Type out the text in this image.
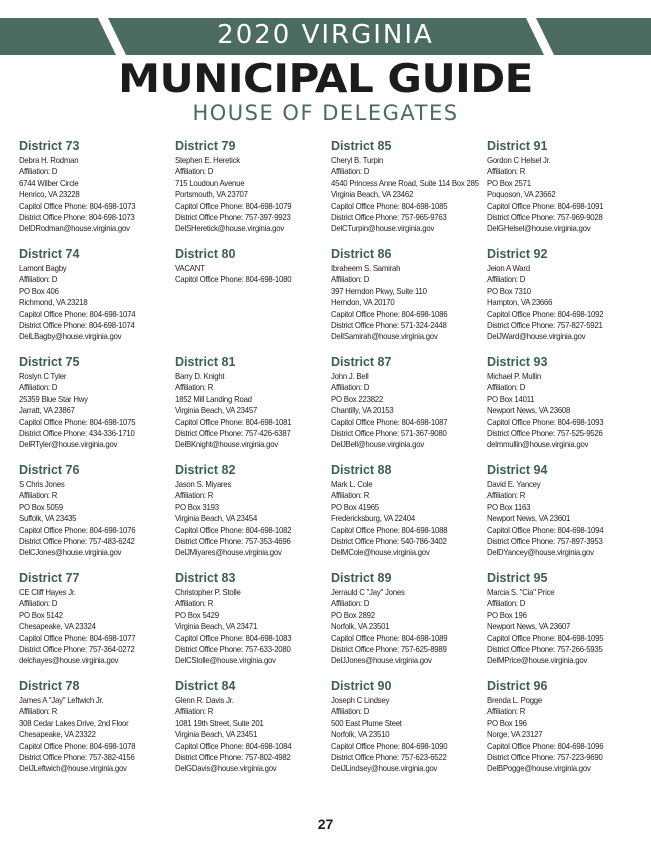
2020 VIRGINIA
MUNICIPAL GUIDE
HOUSE OF DELEGATES
District 73
Debra H. Rodman
Affiliation: D
6744 Wilber Circle
Henrico, VA 23228
Capitol Office Phone: 804-698-1073
District Office Phone: 804-698-1073
DelDRodman@house.virginia.gov
District 79
Stephen E. Heretick
Affiliation: D
715 Loudoun Avenue
Portsmouth, VA 23707
Capitol Office Phone: 804-698-1079
District Office Phone: 757-397-9923
DelSHeretick@house.virginia.gov
District 85
Cheryl B. Turpin
Affiliation: D
4540 Princess Anne Road, Suite 114 Box 285
Virginia Beach, VA 23462
Capitol Office Phone: 804-698-1085
District Office Phone: 757-965-9763
DelCTurpin@house.virginia.gov
District 91
Gordon C Helsel Jr.
Affiliation: R
PO Box 2571
Poquoson, VA 23662
Capitol Office Phone: 804-698-1091
District Office Phone: 757-969-9028
DelGHelsel@house.virginia.gov
District 74
Lamont Bagby
Affiliation: D
PO Box 406
Richmond, VA 23218
Capitol Office Phone: 804-698-1074
District Office Phone: 804-698-1074
DelLBagby@house.virginia.gov
District 80
VACANT
Capitol Office Phone: 804-698-1080
District 86
Ibraheem S. Samirah
Affiliation: D
397 Herndon Pkwy, Suite 110
Herndon, VA 20170
Capitol Office Phone: 804-698-1086
District Office Phone: 571-324-2448
DelISamirah@house.virginia.gov
District 92
Jeion A Ward
Affiliation: D
PO Box 7310
Hampton, VA 23666
Capitol Office Phone: 804-698-1092
District Office Phone: 757-827-5921
DelJWard@house.virginia.gov
District 75
Roslyn C Tyler
Affiliation: D
25359 Blue Star Hwy
Jarratt, VA 23867
Capitol Office Phone: 804-698-1075
District Office Phone: 434-336-1710
DelRTyler@house.virginia.gov
District 81
Barry D. Knight
Affiliation: R
1852 Mill Landing Road
Virginia Beach, VA 23457
Capitol Office Phone: 804-698-1081
District Office Phone: 757-426-6387
DelBKnight@house.virginia.gov
District 87
John J. Bell
Affiliation: D
PO Box 223822
Chantilly, VA 20153
Capitol Office Phone: 804-698-1087
District Office Phone: 571-367-9080
DelJBell@house.virginia.gov
District 93
Michael P. Mullin
Affiliation: D
PO Box 14011
Newport News, VA 23608
Capitol Office Phone: 804-698-1093
District Office Phone: 757-525-9526
delmmullin@house.virginia.gov
District 76
S Chris Jones
Affiliation: R
PO Box 5059
Suffolk, VA 23435
Capitol Office Phone: 804-698-1076
District Office Phone: 757-483-6242
DelCJones@house.virginia.gov
District 82
Jason S. Miyares
Affiliation: R
PO Box 3193
Virginia Beach, VA 23454
Capitol Office Phone: 804-698-1082
District Office Phone: 757-353-4696
DelJMiyares@house.virginia.gov
District 88
Mark L. Cole
Affiliation: R
PO Box 41965
Fredericksburg, VA 22404
Capitol Office Phone: 804-698-1088
District Office Phone: 540-786-3402
DelMCole@house.virginia.gov
District 94
David E. Yancey
Affiliation: R
PO Box 1163
Newport News, VA 23601
Capitol Office Phone: 804-698-1094
District Office Phone: 757-897-3953
DelDYancey@house.virginia.gov
District 77
CE Cliff Hayes Jr.
Affiliation: D
PO Box 5142
Chesapeake, VA 23324
Capitol Office Phone: 804-698-1077
District Office Phone: 757-364-0272
delchayes@house.virginia.gov
District 83
Christopher P. Stolle
Affiliation: R
PO Box 5429
Virginia Beach, VA 23471
Capitol Office Phone: 804-698-1083
District Office Phone: 757-633-2080
DelCStolle@house.virginia.gov
District 89
Jerrauld C "Jay" Jones
Affiliation: D
PO Box 2892
Norfolk, VA 23501
Capitol Office Phone: 804-698-1089
District Office Phone: 757-625-8989
DelJJones@house.virginia.gov
District 95
Marcia S. "Cia" Price
Affiliation: D
PO Box 196
Newport News, VA 23607
Capitol Office Phone: 804-698-1095
District Office Phone: 757-266-5935
DelMPrice@house.virginia.gov
District 78
James A "Jay" Leftwich Jr.
Affiliation: R
308 Cedar Lakes Drive, 2nd Floor
Chesapeake, VA 23322
Capitol Office Phone: 804-698-1078
District Office Phone: 757-382-4156
DelJLeftwich@house.virginia.gov
District 84
Glenn R. Davis Jr.
Affiliation: R
1081 19th Street, Suite 201
Virginia Beach, VA 23451
Capitol Office Phone: 804-698-1084
District Office Phone: 757-802-4982
DelGDavis@house.virginia.gov
District 90
Joseph C Lindsey
Affiliation: D
500 East Plume Steet
Norfolk, VA 23510
Capitol Office Phone: 804-698-1090
District Office Phone: 757-623-6522
DelJLindsey@house.virginia.gov
District 96
Brenda L. Pogge
Affiliation: R
PO Box 196
Norge, VA 23127
Capitol Office Phone: 804-698-1096
District Office Phone: 757-223-9690
DelBPogge@house.virginia.gov
27
